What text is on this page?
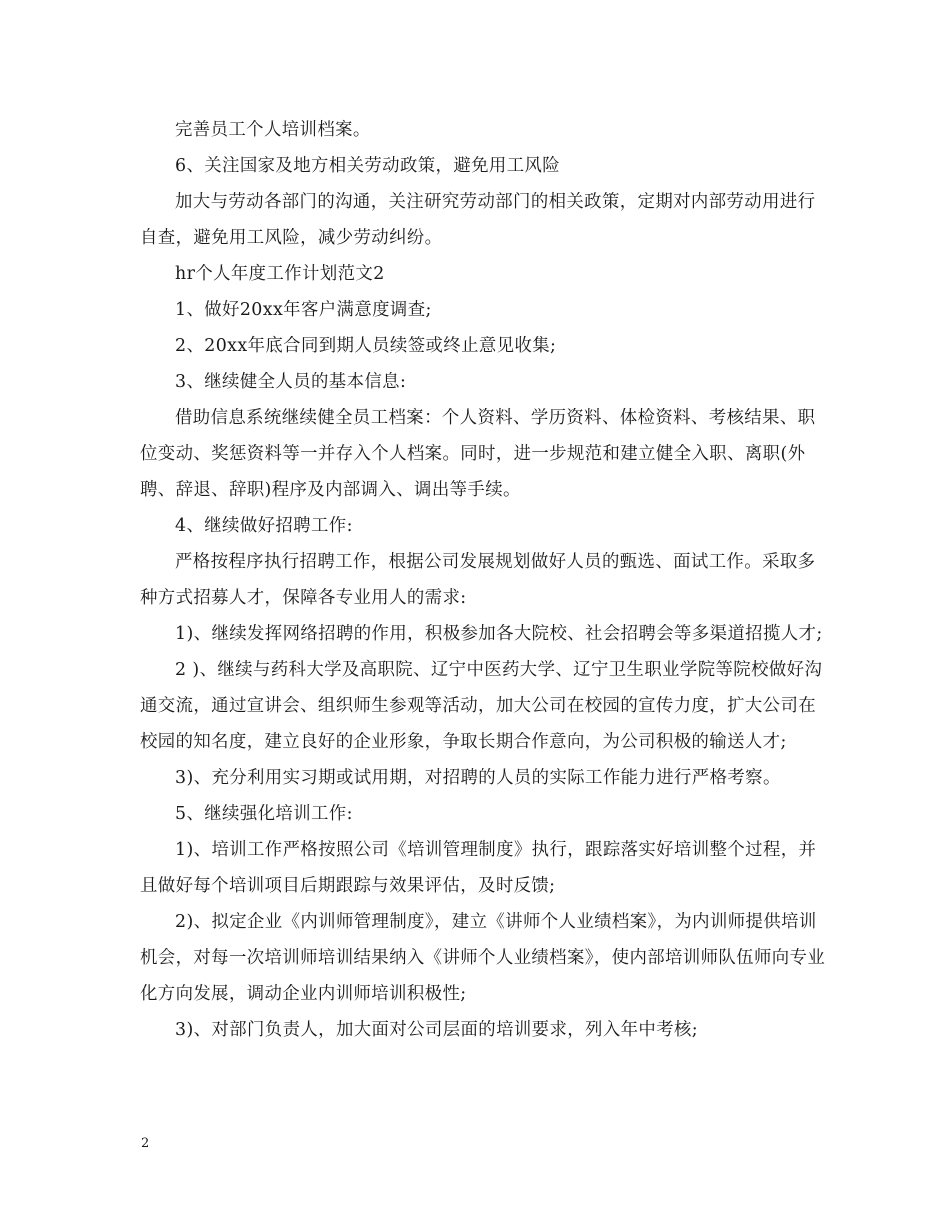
完善员工个人培训档案。

6、关注国家及地方相关劳动政策，避免用工风险

加大与劳动各部门的沟通，关注研究劳动部门的相关政策，定期对内部劳动用进行自查，避免用工风险，减少劳动纠纷。

hr个人年度工作计划范文2

1、做好20xx年客户满意度调查;

2、20xx年底合同到期人员续签或终止意见收集;

3、继续健全人员的基本信息:

借助信息系统继续健全员工档案：个人资料、学历资料、体检资料、考核结果、职位变动、奖惩资料等一并存入个人档案。同时，进一步规范和建立健全入职、离职(外聘、辞退、辞职)程序及内部调入、调出等手续。

4、继续做好招聘工作:

严格按程序执行招聘工作，根据公司发展规划做好人员的甄选、面试工作。采取多种方式招募人才，保障各专业用人的需求:

1)、继续发挥网络招聘的作用，积极参加各大院校、社会招聘会等多渠道招揽人才;

2 )、继续与药科大学及高职院、辽宁中医药大学、辽宁卫生职业学院等院校做好沟通交流，通过宣讲会、组织师生参观等活动，加大公司在校园的宣传力度，扩大公司在校园的知名度，建立良好的企业形象，争取长期合作意向，为公司积极的输送人才;

3)、充分利用实习期或试用期，对招聘的人员的实际工作能力进行严格考察。

5、继续强化培训工作:

1)、培训工作严格按照公司《培训管理制度》执行，跟踪落实好培训整个过程，并且做好每个培训项目后期跟踪与效果评估，及时反馈;

2)、拟定企业《内训师管理制度》，建立《讲师个人业绩档案》，为内训师提供培训机会，对每一次培训师培训结果纳入《讲师个人业绩档案》，使内部培训师队伍师向专业化方向发展，调动企业内训师培训积极性;

3)、对部门负责人，加大面对公司层面的培训要求，列入年中考核;

2
